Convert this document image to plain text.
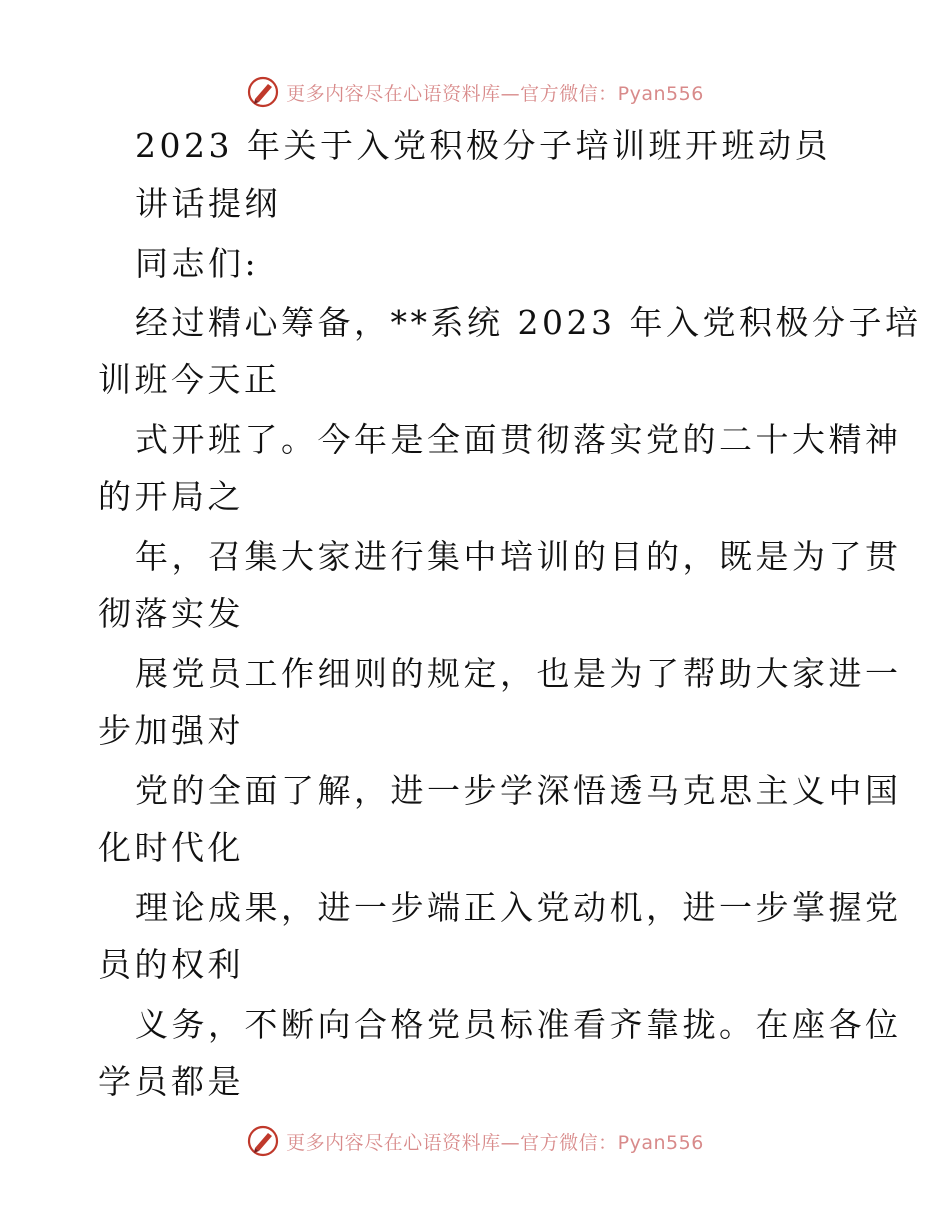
更多内容尽在心语资料库—官方微信：Pyan556
2023 年关于入党积极分子培训班开班动员
讲话提纲
同志们:
经过精心筹备，**系统 2023 年入党积极分子培
训班今天正
式开班了。今年是全面贯彻落实党的二十大精神
的开局之
年，召集大家进行集中培训的目的，既是为了贯
彻落实发
展党员工作细则的规定，也是为了帮助大家进一
步加强对
党的全面了解，进一步学深悟透马克思主义中国
化时代化
理论成果，进一步端正入党动机，进一步掌握党
员的权利
义务，不断向合格党员标准看齐靠拢。在座各位
学员都是
更多内容尽在心语资料库—官方微信：Pyan556
